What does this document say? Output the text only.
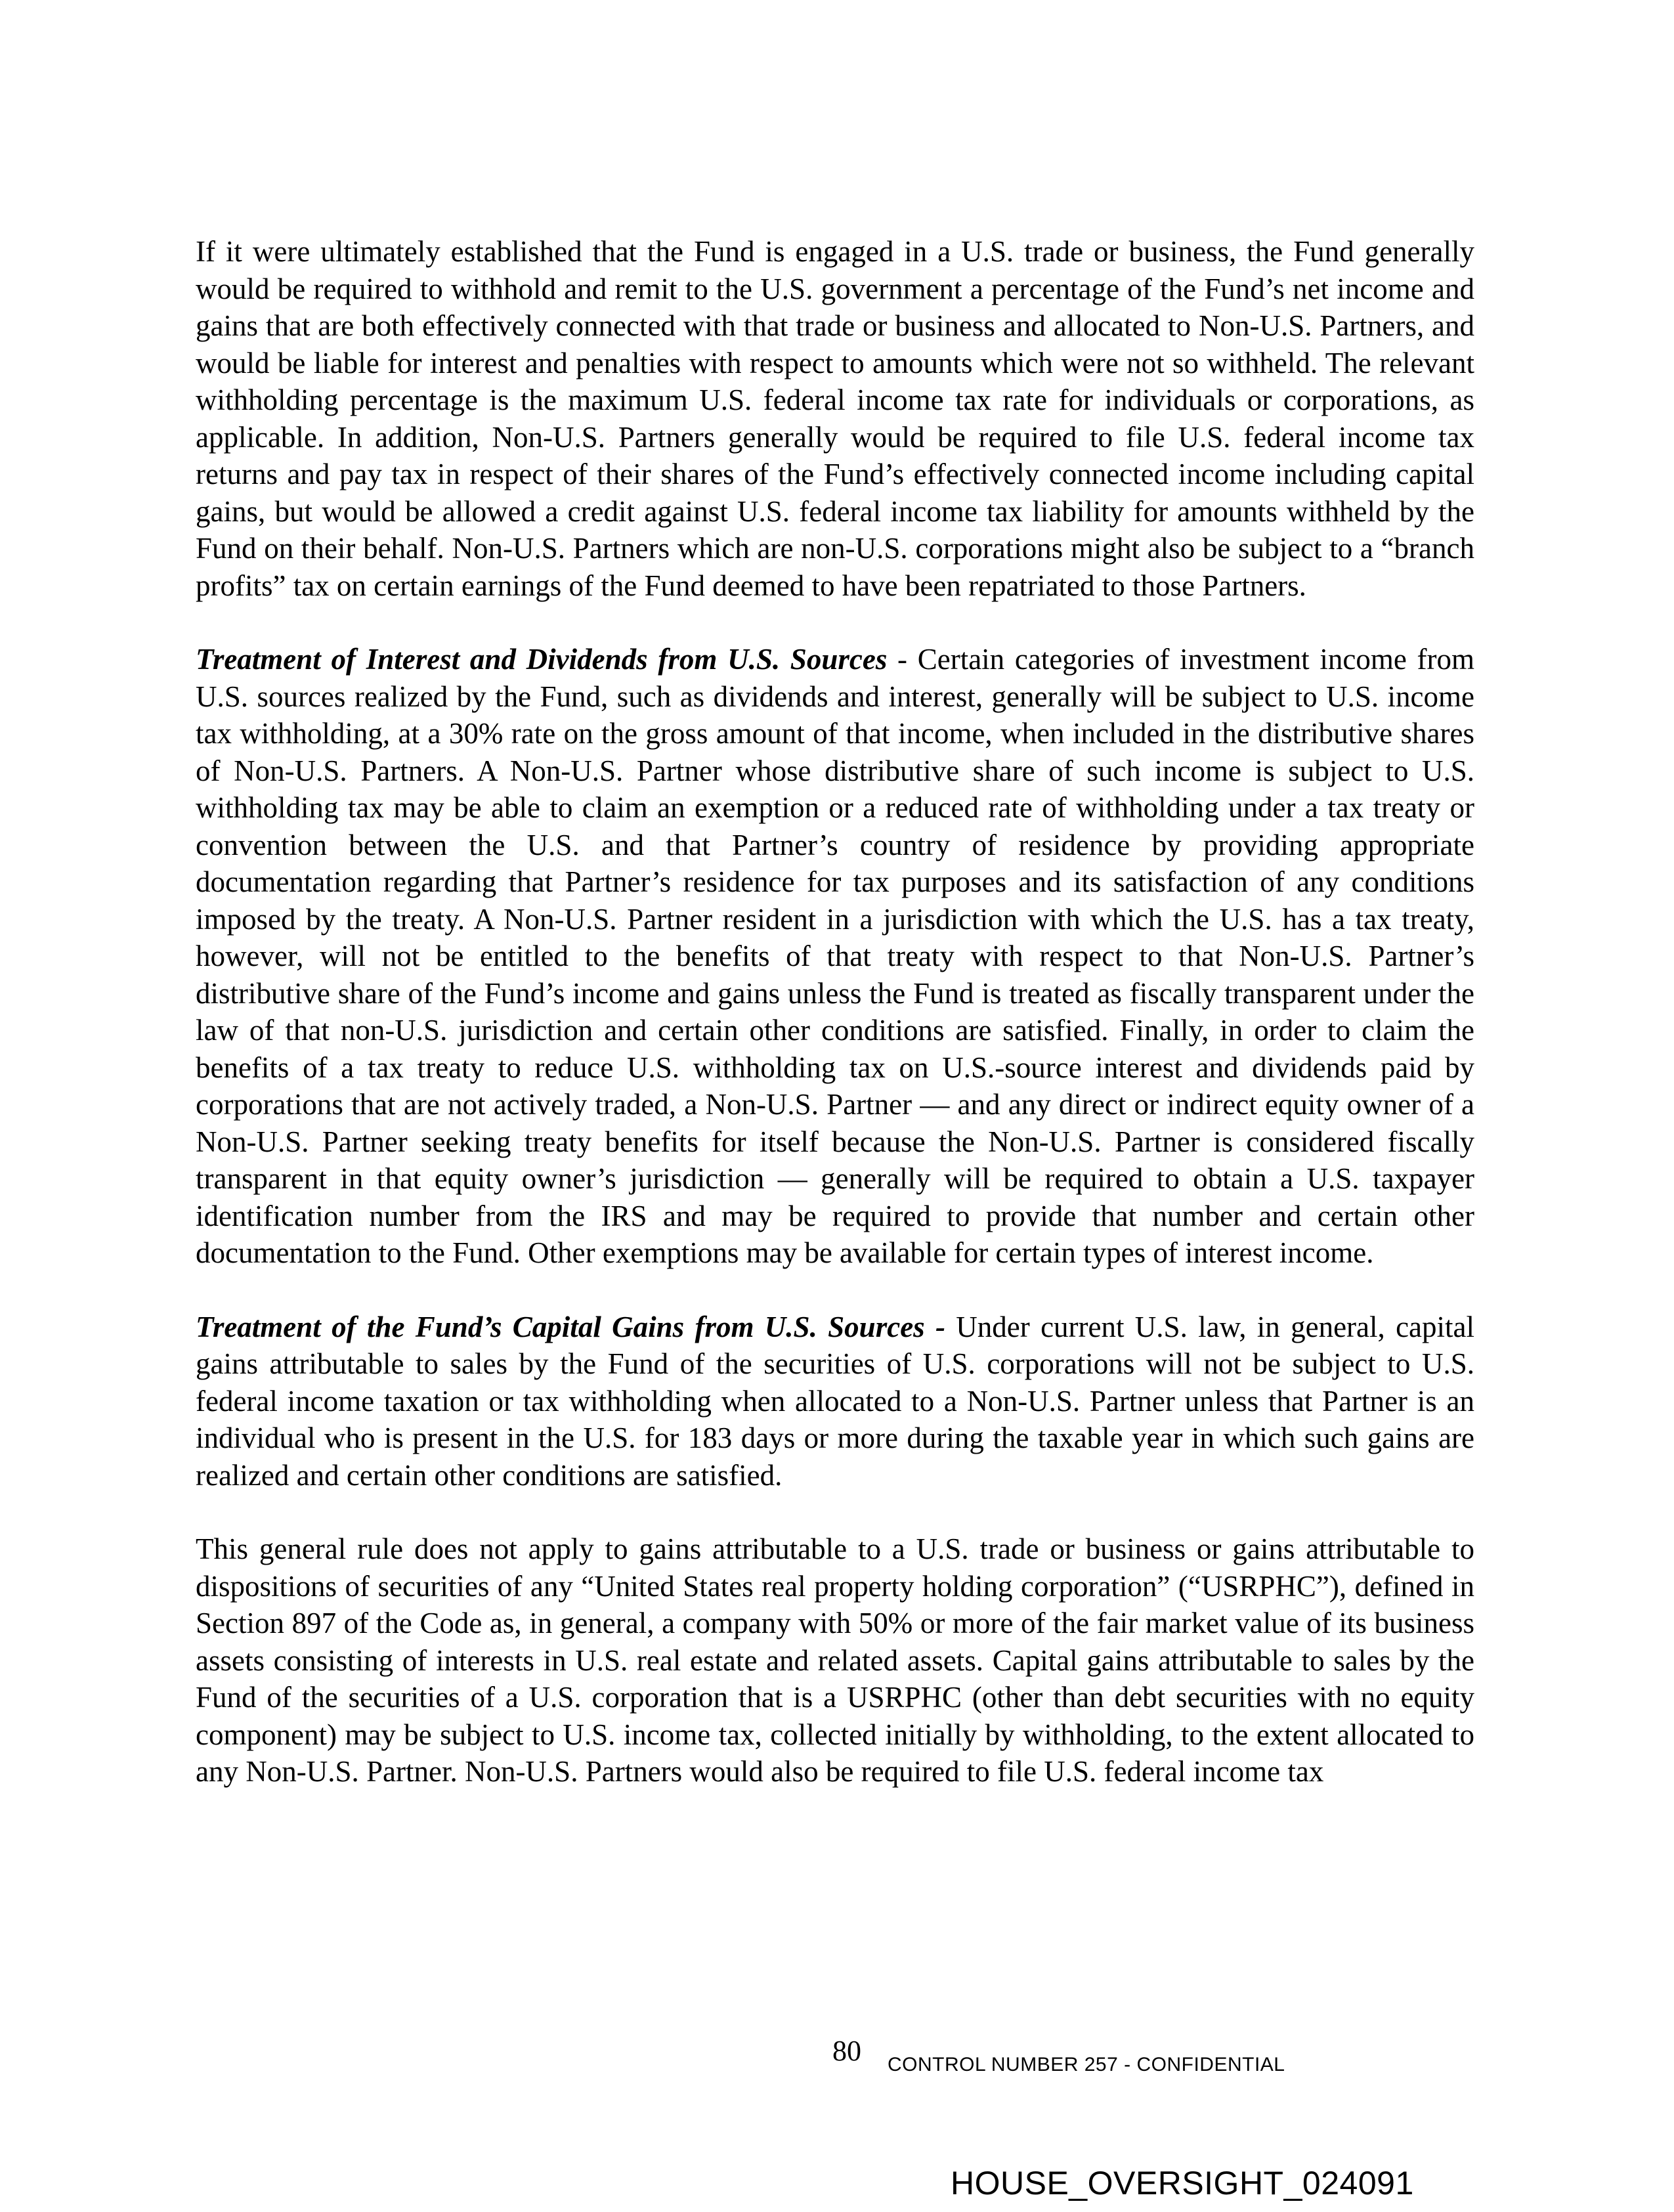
If it were ultimately established that the Fund is engaged in a U.S. trade or business, the Fund generally would be required to withhold and remit to the U.S. government a percentage of the Fund’s net income and gains that are both effectively connected with that trade or business and allocated to Non-U.S. Partners, and would be liable for interest and penalties with respect to amounts which were not so withheld. The relevant withholding percentage is the maximum U.S. federal income tax rate for individuals or corporations, as applicable. In addition, Non-U.S. Partners generally would be required to file U.S. federal income tax returns and pay tax in respect of their shares of the Fund’s effectively connected income including capital gains, but would be allowed a credit against U.S. federal income tax liability for amounts withheld by the Fund on their behalf. Non-U.S. Partners which are non-U.S. corporations might also be subject to a “branch profits” tax on certain earnings of the Fund deemed to have been repatriated to those Partners.

Treatment of Interest and Dividends from U.S. Sources - Certain categories of investment income from U.S. sources realized by the Fund, such as dividends and interest, generally will be subject to U.S. income tax withholding, at a 30% rate on the gross amount of that income, when included in the distributive shares of Non-U.S. Partners. A Non-U.S. Partner whose distributive share of such income is subject to U.S. withholding tax may be able to claim an exemption or a reduced rate of withholding under a tax treaty or convention between the U.S. and that Partner’s country of residence by providing appropriate documentation regarding that Partner’s residence for tax purposes and its satisfaction of any conditions imposed by the treaty. A Non-U.S. Partner resident in a jurisdiction with which the U.S. has a tax treaty, however, will not be entitled to the benefits of that treaty with respect to that Non-U.S. Partner’s distributive share of the Fund’s income and gains unless the Fund is treated as fiscally transparent under the law of that non-U.S. jurisdiction and certain other conditions are satisfied. Finally, in order to claim the benefits of a tax treaty to reduce U.S. withholding tax on U.S.-source interest and dividends paid by corporations that are not actively traded, a Non-U.S. Partner — and any direct or indirect equity owner of a Non-U.S. Partner seeking treaty benefits for itself because the Non-U.S. Partner is considered fiscally transparent in that equity owner’s jurisdiction — generally will be required to obtain a U.S. taxpayer identification number from the IRS and may be required to provide that number and certain other documentation to the Fund. Other exemptions may be available for certain types of interest income.

Treatment of the Fund’s Capital Gains from U.S. Sources - Under current U.S. law, in general, capital gains attributable to sales by the Fund of the securities of U.S. corporations will not be subject to U.S. federal income taxation or tax withholding when allocated to a Non-U.S. Partner unless that Partner is an individual who is present in the U.S. for 183 days or more during the taxable year in which such gains are realized and certain other conditions are satisfied.

This general rule does not apply to gains attributable to a U.S. trade or business or gains attributable to dispositions of securities of any “United States real property holding corporation” (“USRPHC”), defined in Section 897 of the Code as, in general, a company with 50% or more of the fair market value of its business assets consisting of interests in U.S. real estate and related assets. Capital gains attributable to sales by the Fund of the securities of a U.S. corporation that is a USRPHC (other than debt securities with no equity component) may be subject to U.S. income tax, collected initially by withholding, to the extent allocated to any Non-U.S. Partner. Non-U.S. Partners would also be required to file U.S. federal income tax

80 CONTROL NUMBER 257 - CONFIDENTIAL
HOUSE_OVERSIGHT_024091
